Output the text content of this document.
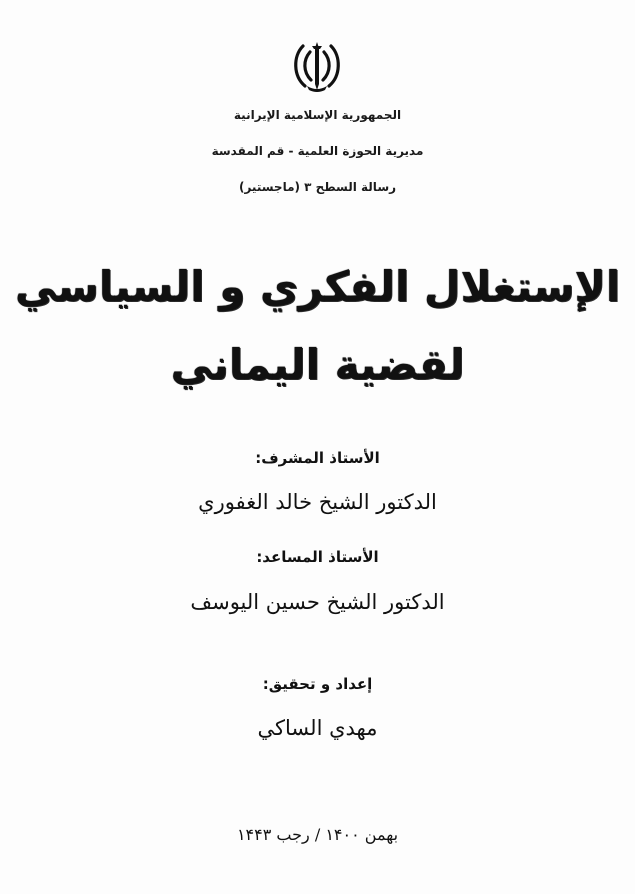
الجمهورية الإسلامية الإيرانية
مديرية الحوزة العلمية - قم المقدسة
رسالة السطح ٣ (ماجستير)
الإستغلال الفكري و السياسي
لقضية اليماني
الأستاذ المشرف:
الدكتور الشيخ خالد الغفوري
الأستاذ المساعد:
الدكتور الشيخ حسين اليوسف
إعداد و تحقيق:
مهدي الساكي
بهمن ۱۴۰۰ / رجب ۱۴۴۳
